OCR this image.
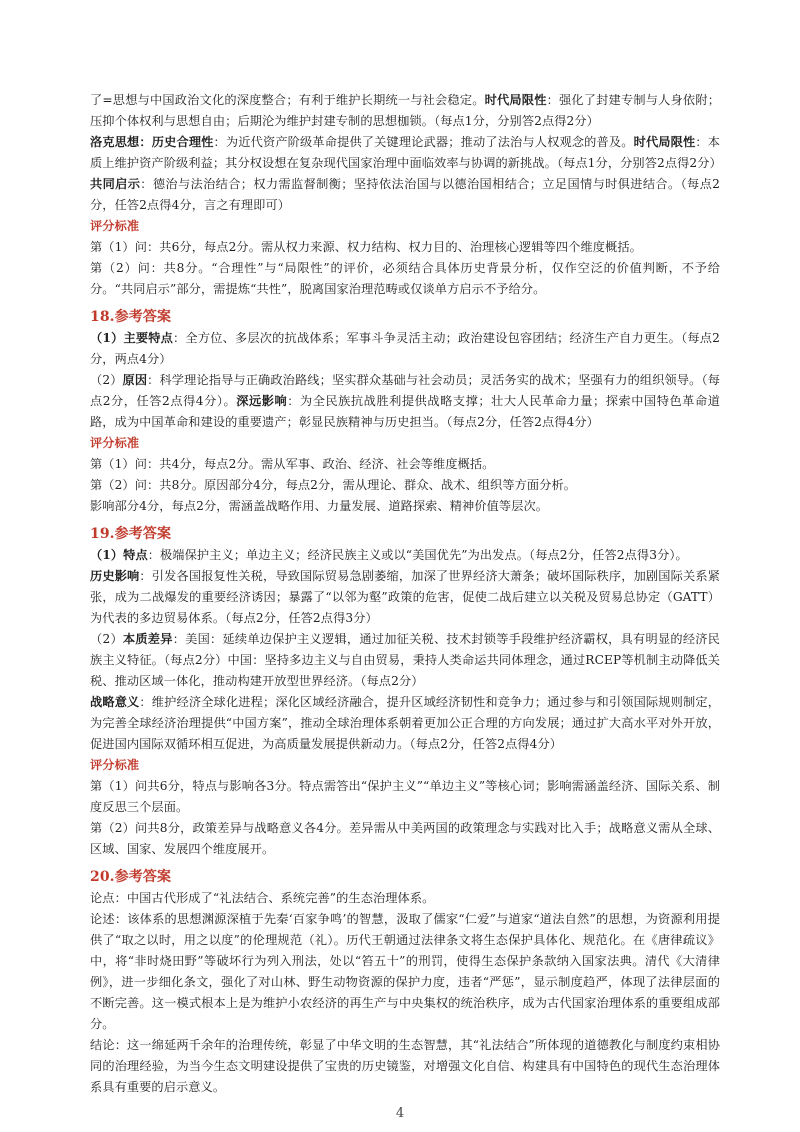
了=思想与中国政治文化的深度整合；有利于维护长期统一与社会稳定。时代局限性：强化了封建专制与人身依附；压抑个体权利与思想自由；后期沦为维护封建专制的思想枷锁。（每点1分，分别答2点得2分）

洛克思想：历史合理性：为近代资产阶级革命提供了关键理论武器；推动了法治与人权观念的普及。时代局限性：本质上维护资产阶级利益；其分权设想在复杂现代国家治理中面临效率与协调的新挑战。（每点1分，分别答2点得2分）

共同启示：德治与法治结合；权力需监督制衡；坚持依法治国与以德治国相结合；立足国情与时俱进结合。（每点2分，任答2点得4分，言之有理即可）

评分标准

第（1）问：共6分，每点2分。需从权力来源、权力结构、权力目的、治理核心逻辑等四个维度概括。

第（2）问：共8分。“合理性”与“局限性”的评价，必须结合具体历史背景分析，仅作空泛的价值判断，不予给分。“共同启示”部分，需提炼“共性”，脱离国家治理范畴或仅谈单方启示不予给分。

18.参考答案

（1）主要特点：全方位、多层次的抗战体系；军事斗争灵活主动；政治建设包容团结；经济生产自力更生。（每点2分，两点4分）

（2）原因：科学理论指导与正确政治路线；坚实群众基础与社会动员；灵活务实的战术；坚强有力的组织领导。（每点2分，任答2点得4分）。深远影响：为全民族抗战胜利提供战略支撑；壮大人民革命力量；探索中国特色革命道路，成为中国革命和建设的重要遗产；彰显民族精神与历史担当。（每点2分，任答2点得4分）

评分标准

第（1）问：共4分，每点2分。需从军事、政治、经济、社会等维度概括。

第（2）问：共8分。原因部分4分，每点2分，需从理论、群众、战术、组织等方面分析。

影响部分4分，每点2分，需涵盖战略作用、力量发展、道路探索、精神价值等层次。

19.参考答案

（1）特点：极端保护主义；单边主义；经济民族主义或以“美国优先”为出发点。（每点2分，任答2点得3分）。

历史影响：引发各国报复性关税，导致国际贸易急剧萎缩，加深了世界经济大萧条；破坏国际秩序，加剧国际关系紧张，成为二战爆发的重要经济诱因；暴露了“以邻为壑”政策的危害，促使二战后建立以关税及贸易总协定（GATT）为代表的多边贸易体系。（每点2分，任答2点得3分）

（2）本质差异：美国：延续单边保护主义逻辑，通过加征关税、技术封锁等手段维护经济霸权，具有明显的经济民族主义特征。（每点2分）中国：坚持多边主义与自由贸易，秉持人类命运共同体理念，通过RCEP等机制主动降低关税、推动区域一体化，推动构建开放型世界经济。（每点2分）

战略意义：维护经济全球化进程；深化区域经济融合，提升区域经济韧性和竞争力；通过参与和引领国际规则制定，为完善全球经济治理提供“中国方案”，推动全球治理体系朝着更加公正合理的方向发展；通过扩大高水平对外开放，促进国内国际双循环相互促进，为高质量发展提供新动力。（每点2分，任答2点得4分）

评分标准

第（1）问共6分，特点与影响各3分。特点需答出“保护主义”“单边主义”等核心词；影响需涵盖经济、国际关系、制度反思三个层面。

第（2）问共8分，政策差异与战略意义各4分。差异需从中美两国的政策理念与实践对比入手；战略意义需从全球、区域、国家、发展四个维度展开。

20.参考答案

论点：中国古代形成了“礼法结合、系统完善”的生态治理体系。

论述：该体系的思想渊源深植于先秦‘百家争鸣’的智慧，汲取了儒家“仁爱”与道家“道法自然”的思想，为资源利用提供了“取之以时，用之以度”的伦理规范（礼）。历代王朝通过法律条文将生态保护具体化、规范化。在《唐律疏议》中，将“非时烧田野”等破坏行为列入刑法，处以“笞五十”的刑罚，使得生态保护条款纳入国家法典。清代《大清律例》，进一步细化条文，强化了对山林、野生动物资源的保护力度，违者“严惩”，显示制度趋严，体现了法律层面的不断完善。这一模式根本上是为维护小农经济的再生产与中央集权的统治秩序，成为古代国家治理体系的重要组成部分。

结论：这一绵延两千余年的治理传统，彰显了中华文明的生态智慧，其“礼法结合”所体现的道德教化与制度约束相协同的治理经验，为当今生态文明建设提供了宝贵的历史镜鉴，对增强文化自信、构建具有中国特色的现代生态治理体系具有重要的启示意义。

4
